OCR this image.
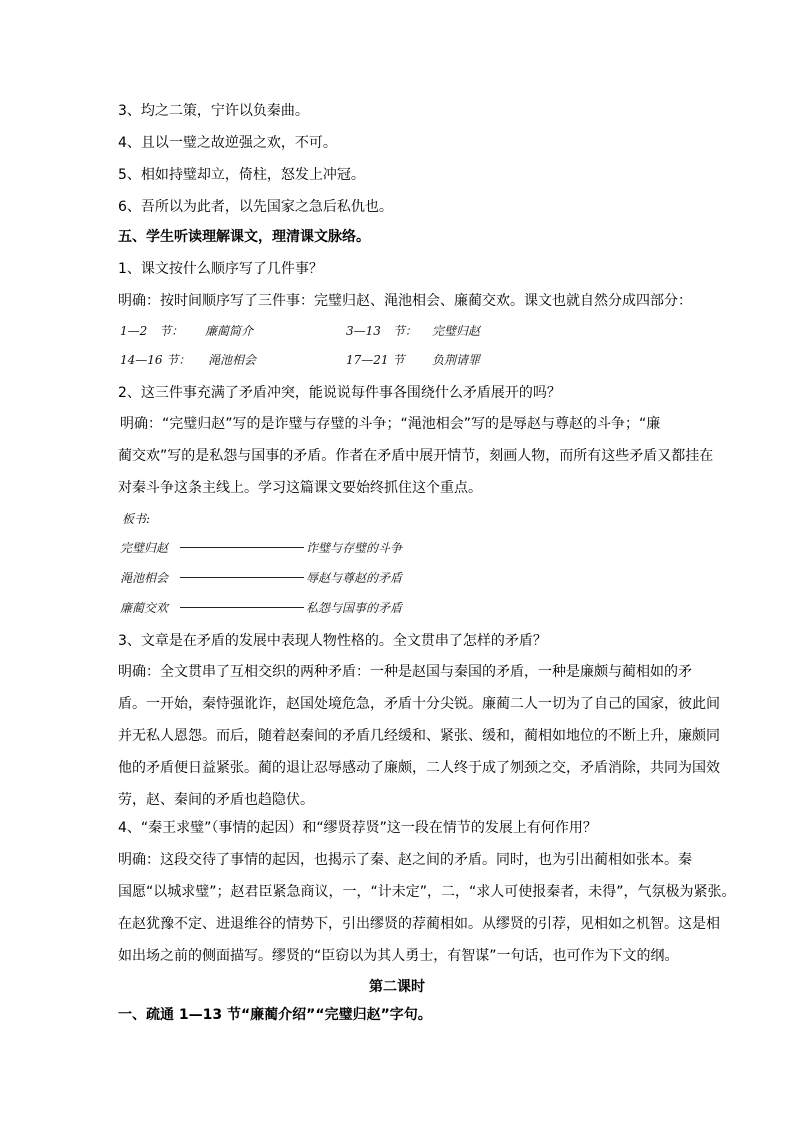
3、均之二策，宁许以负秦曲。
4、且以一璧之故逆强之欢，不可。
5、相如持璧却立，倚柱，怒发上冲冠。
6、吾所以为此者，以先国家之急后私仇也。
五、学生听读理解课文，理清课文脉络。
1、课文按什么顺序写了几件事？
明确：按时间顺序写了三件事：完璧归赵、渑池相会、廉蔺交欢。课文也就自然分成四部分：
1—2　节： 廉蔺简介	3—13　节： 完璧归赵
14—16 节： 渑池相会	17—21 节 负荆请罪
2、这三件事充满了矛盾冲突，能说说每件事各围绕什么矛盾展开的吗？

明确：“完璧归赵”写的是诈璧与存璧的斗争；“渑池相会”写的是辱赵与尊赵的斗争；“廉

蔺交欢”写的是私怨与国事的矛盾。作者在矛盾中展开情节，刻画人物，而所有这些矛盾又都挂在

对秦斗争这条主线上。学习这篇课文要始终抓住这个重点。

板书:
完璧归赵	诈璧与存璧的斗争
渑池相会	辱赵与尊赵的矛盾
廉蔺交欢	私怨与国事的矛盾
3、文章是在矛盾的发展中表现人物性格的。全文贯串了怎样的矛盾？

明确：全文贯串了互相交织的两种矛盾：一种是赵国与秦国的矛盾，一种是廉颇与蔺相如的矛

盾。一开始，秦恃强讹诈，赵国处境危急，矛盾十分尖锐。廉蔺二人一切为了自己的国家，彼此间

并无私人恩怨。而后，随着赵秦间的矛盾几经缓和、紧张、缓和，蔺相如地位的不断上升，廉颇同

他的矛盾便日益紧张。蔺的退让忍辱感动了廉颇，二人终于成了刎颈之交，矛盾消除，共同为国效

劳，赵、秦间的矛盾也趋隐伏。

4、“秦王求璧”（事情的起因）和“缪贤荐贤”这一段在情节的发展上有何作用？

明确：这段交待了事情的起因，也揭示了秦、赵之间的矛盾。同时，也为引出蔺相如张本。秦

国愿“以城求璧”；赵君臣紧急商议，一，“计未定”，二，“求人可使报秦者，未得”，气氛极为紧张。

在赵犹豫不定、进退维谷的情势下，引出缪贤的荐蔺相如。从缪贤的引荐，见相如之机智。这是相

如出场之前的侧面描写。缪贤的“臣窃以为其人勇士，有智谋”一句话，也可作为下文的纲。

第二课时
一、疏通 1—13 节“廉蔺介绍”“完璧归赵”字句。
